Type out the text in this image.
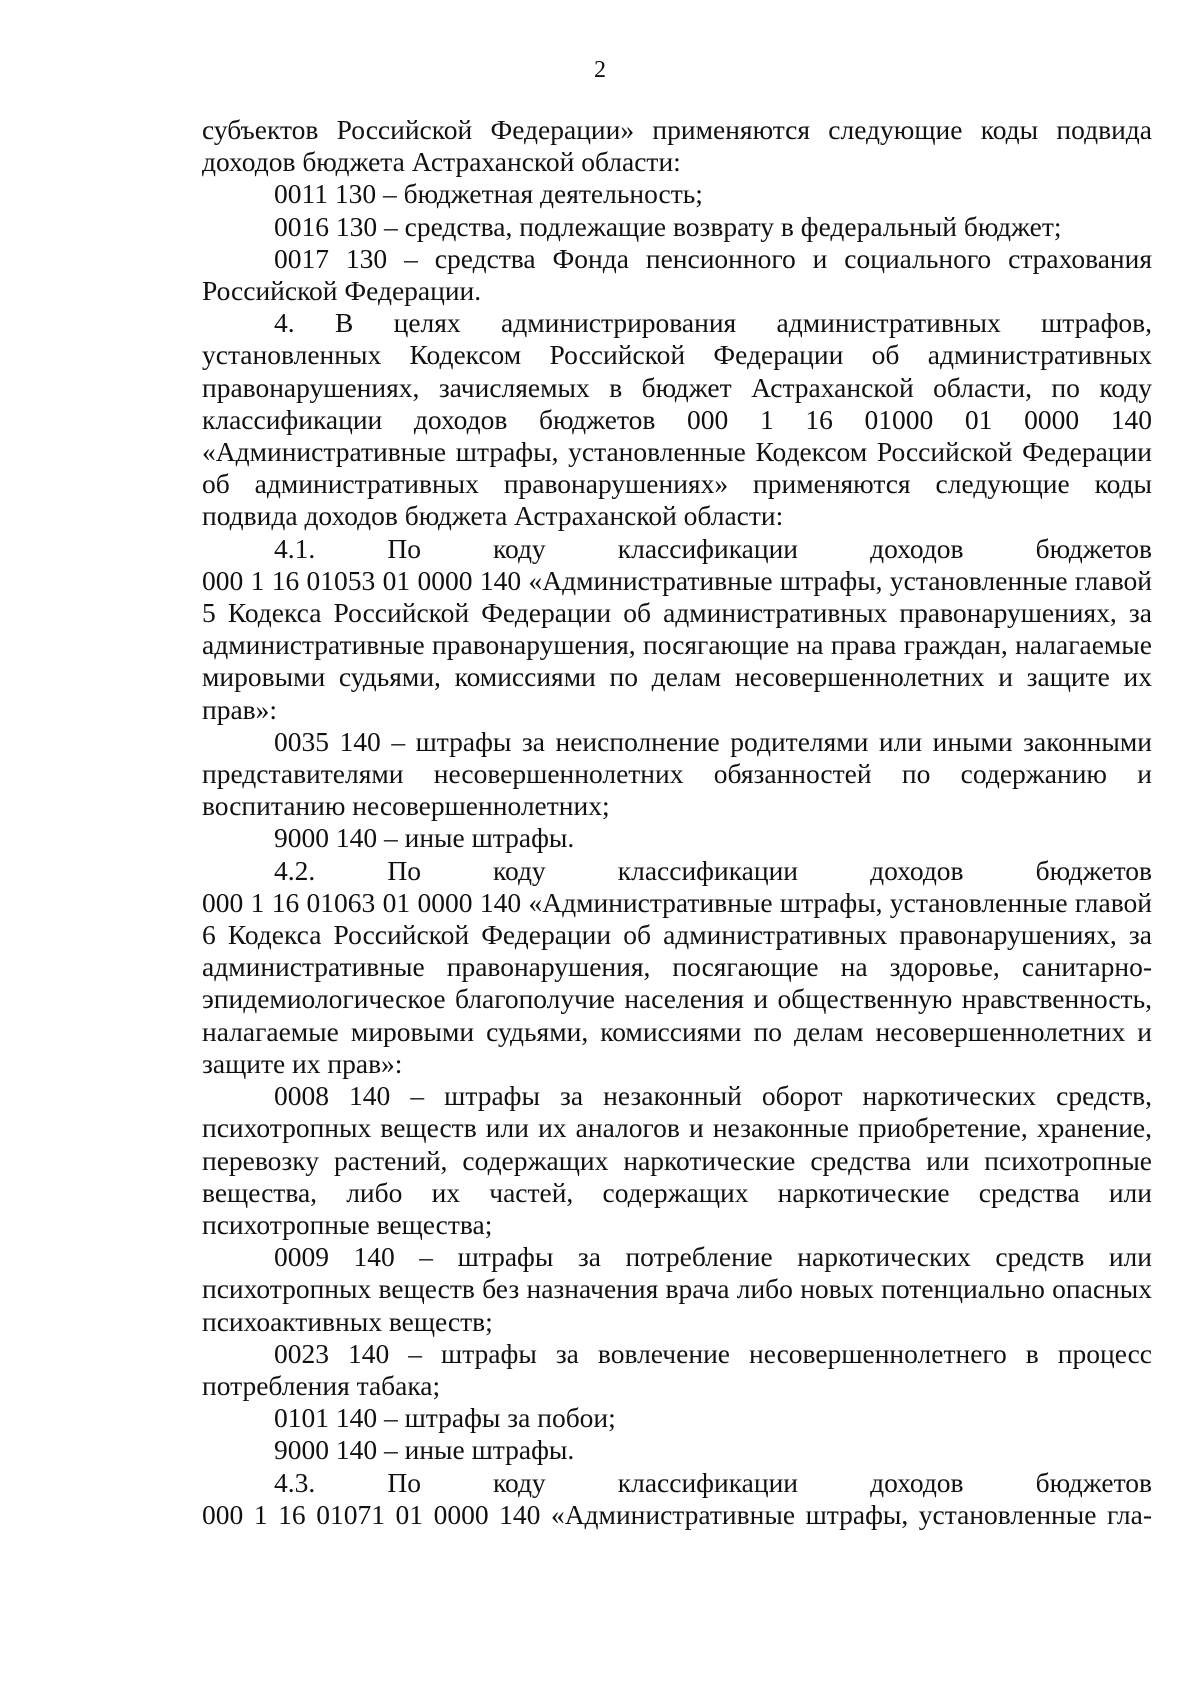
2

субъектов Российской Федерации» применяются следующие коды подвида доходов бюджета Астраханской области:

0011 130 – бюджетная деятельность;

0016 130 – средства, подлежащие возврату в федеральный бюджет;

0017 130 – средства Фонда пенсионного и социального страхования Российской Федерации.

4. В целях администрирования административных штрафов, установленных Кодексом Российской Федерации об административных правонарушениях, зачисляемых в бюджет Астраханской области, по коду классификации доходов бюджетов 000 1 16 01000 01 0000 140 «Административные штрафы, установленные Кодексом Российской Федерации об административных правонарушениях» применяются следующие коды подвида доходов бюджета Астраханской области:

4.1. По коду классификации доходов бюджетов

000 1 16 01053 01 0000 140 «Административные штрафы, установленные главой 5 Кодекса Российской Федерации об административных правонарушениях, за административные правонарушения, посягающие на права граждан, налагаемые мировыми судьями, комиссиями по делам несовершеннолетних и защите их прав»:

0035 140 – штрафы за неисполнение родителями или иными законными представителями несовершеннолетних обязанностей по содержанию и воспитанию несовершеннолетних;

9000 140 – иные штрафы.

4.2. По коду классификации доходов бюджетов

000 1 16 01063 01 0000 140 «Административные штрафы, установленные главой 6 Кодекса Российской Федерации об административных правонарушениях, за административные правонарушения, посягающие на здоровье, санитарно-эпидемиологическое благополучие населения и общественную нравственность, налагаемые мировыми судьями, комиссиями по делам несовершеннолетних и защите их прав»:

0008 140 – штрафы за незаконный оборот наркотических средств, психотропных веществ или их аналогов и незаконные приобретение, хранение, перевозку растений, содержащих наркотические средства или психотропные вещества, либо их частей, содержащих наркотические средства или психотропные вещества;

0009 140 – штрафы за потребление наркотических средств или психотропных веществ без назначения врача либо новых потенциально опасных психоактивных веществ;

0023 140 – штрафы за вовлечение несовершеннолетнего в процесс потребления табака;

0101 140 – штрафы за побои;

9000 140 – иные штрафы.

4.3. По коду классификации доходов бюджетов

000 1 16 01071 01 0000 140 «Административные штрафы, установленные гла-
